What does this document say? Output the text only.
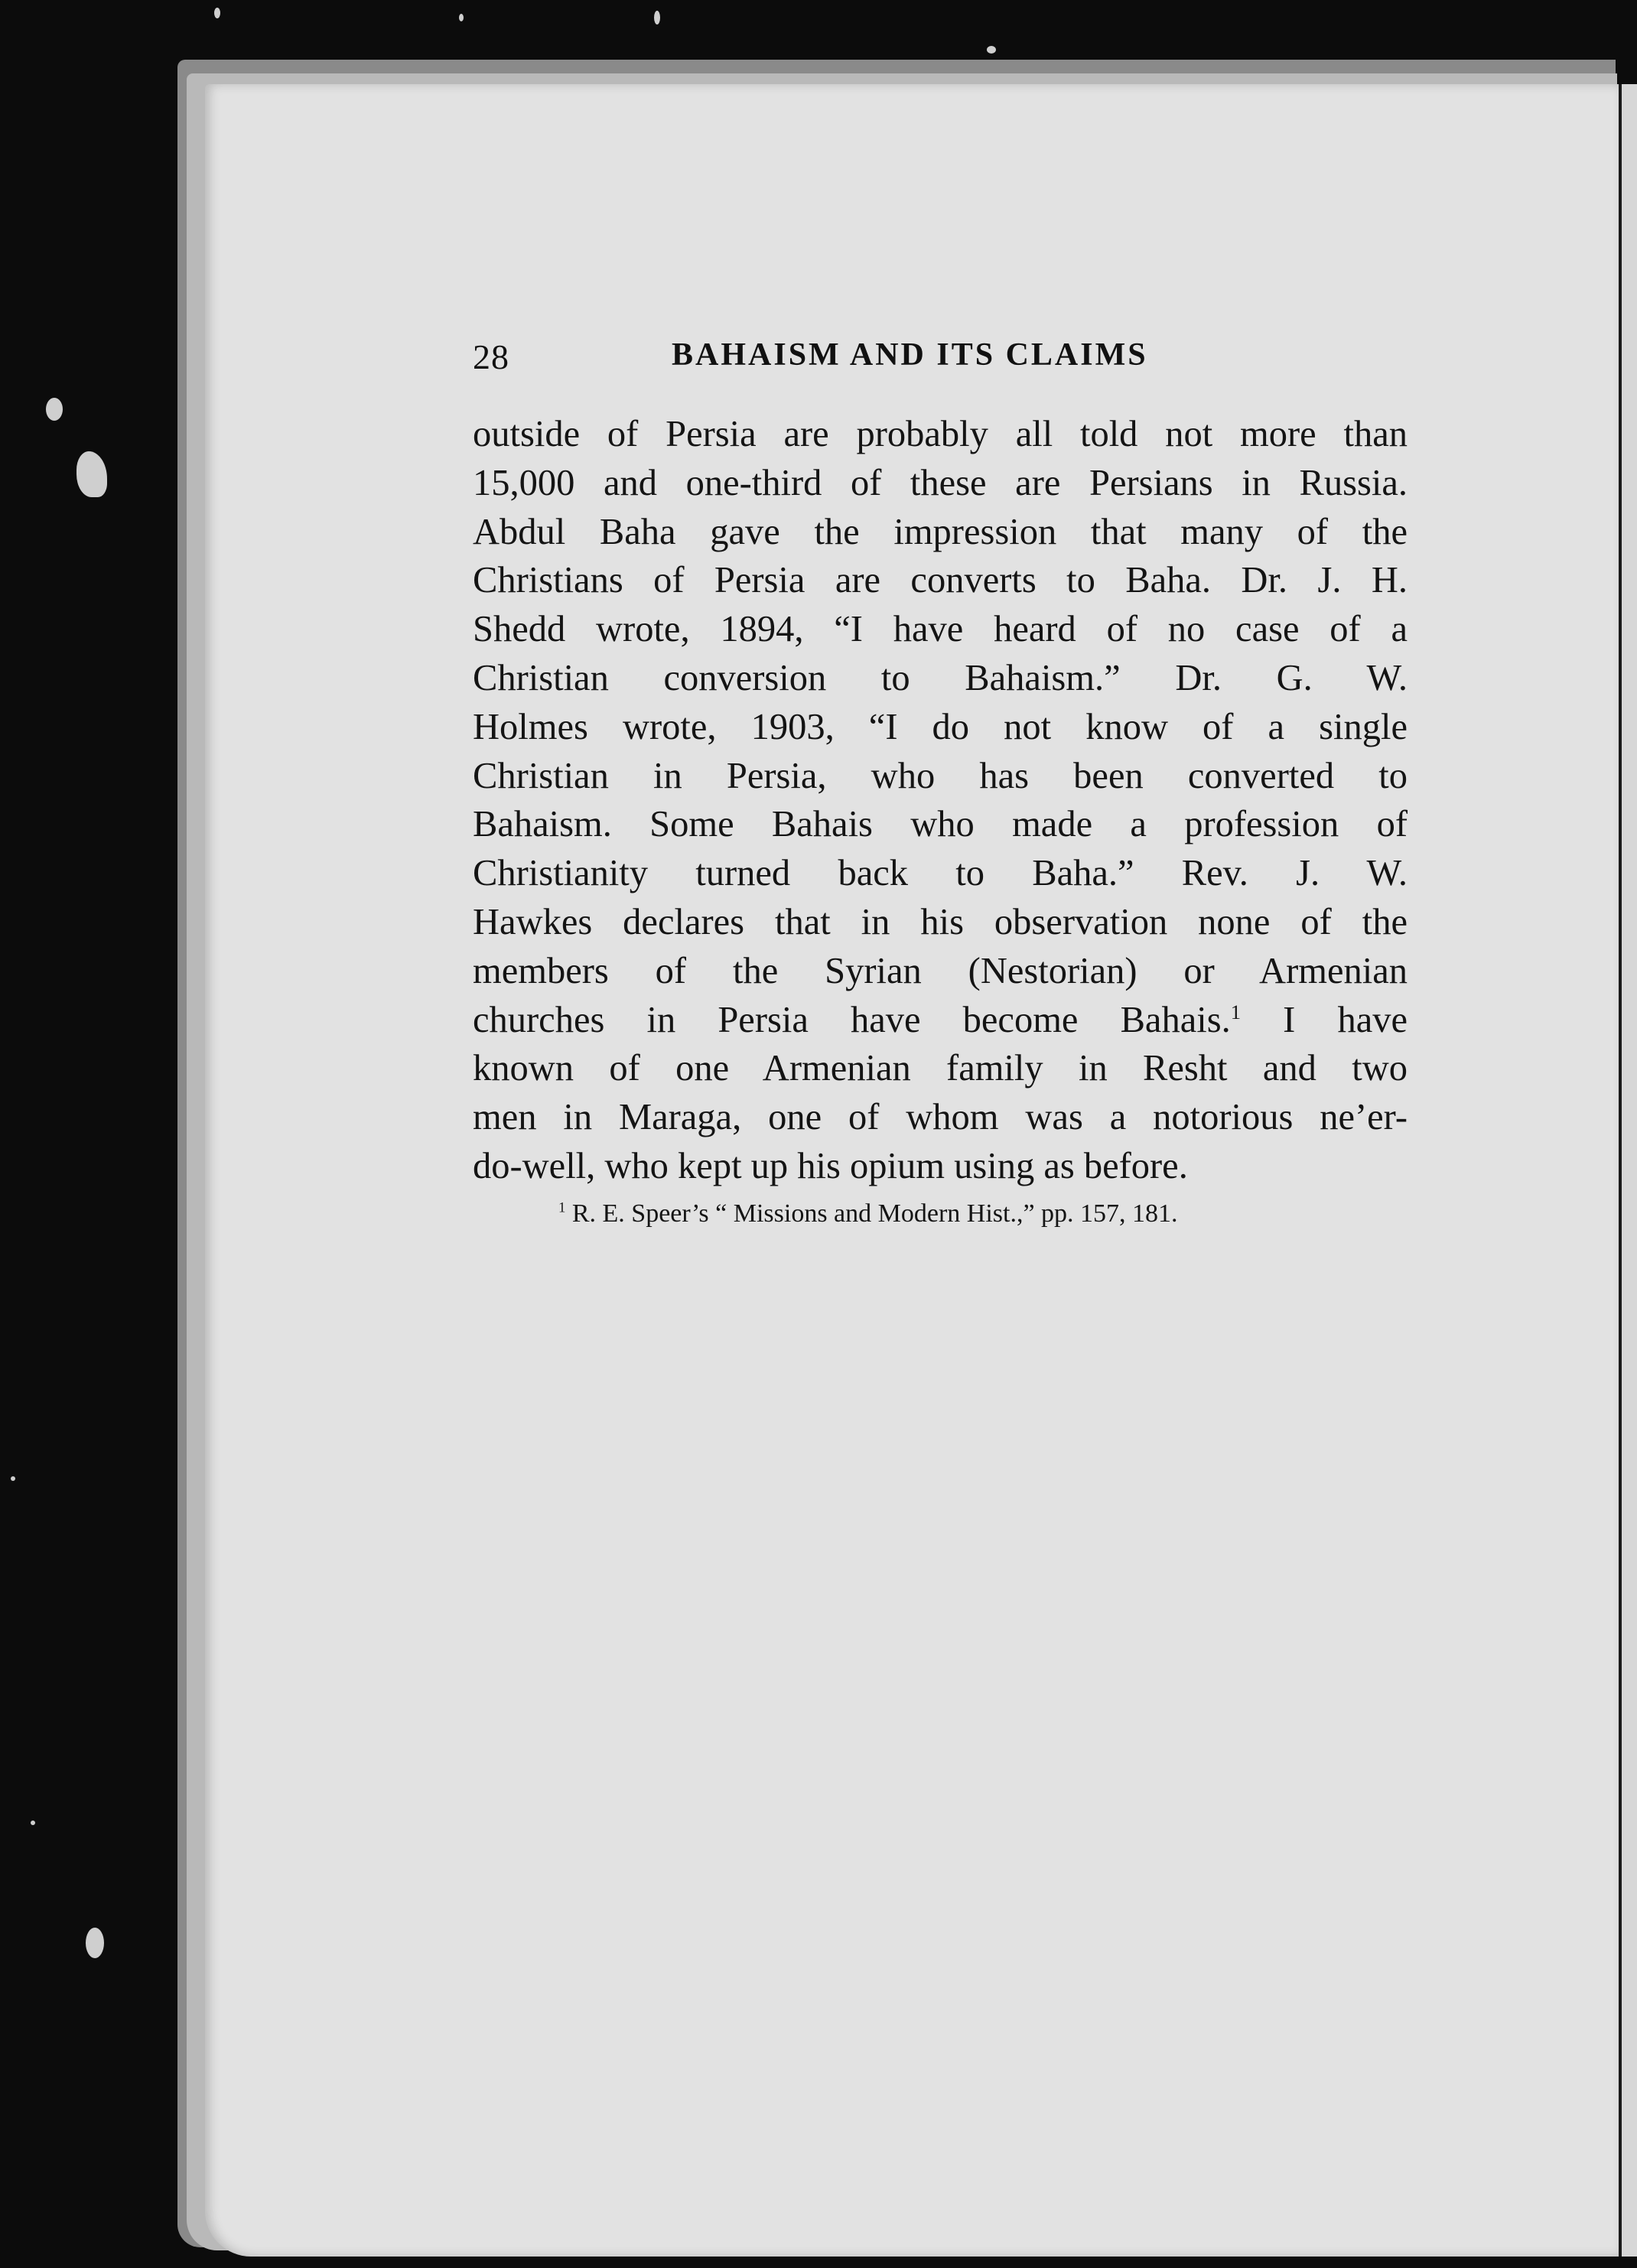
28	BAHAISM AND ITS CLAIMS
outside of Persia are probably all told not more than
15,000 and one-third of these are Persians in Russia.
Abdul Baha gave the impression that many of the
Christians of Persia are converts to Baha. Dr. J. H.
Shedd wrote, 1894, “I have heard of no case of a
Christian conversion to Bahaism.” Dr. G. W.
Holmes wrote, 1903, “I do not know of a single
Christian in Persia, who has been converted to
Bahaism. Some Bahais who made a profession of
Christianity turned back to Baha.” Rev. J. W.
Hawkes declares that in his observation none of the
members of the Syrian (Nestorian) or Armenian
churches in Persia have become Bahais.$^1$ I have
known of one Armenian family in Resht and two
men in Maraga, one of whom was a notorious ne’er-
do-well, who kept up his opium using as before.
$^1$ R. E. Speer’s “ Missions and Modern Hist.,” pp. 157, 181.
